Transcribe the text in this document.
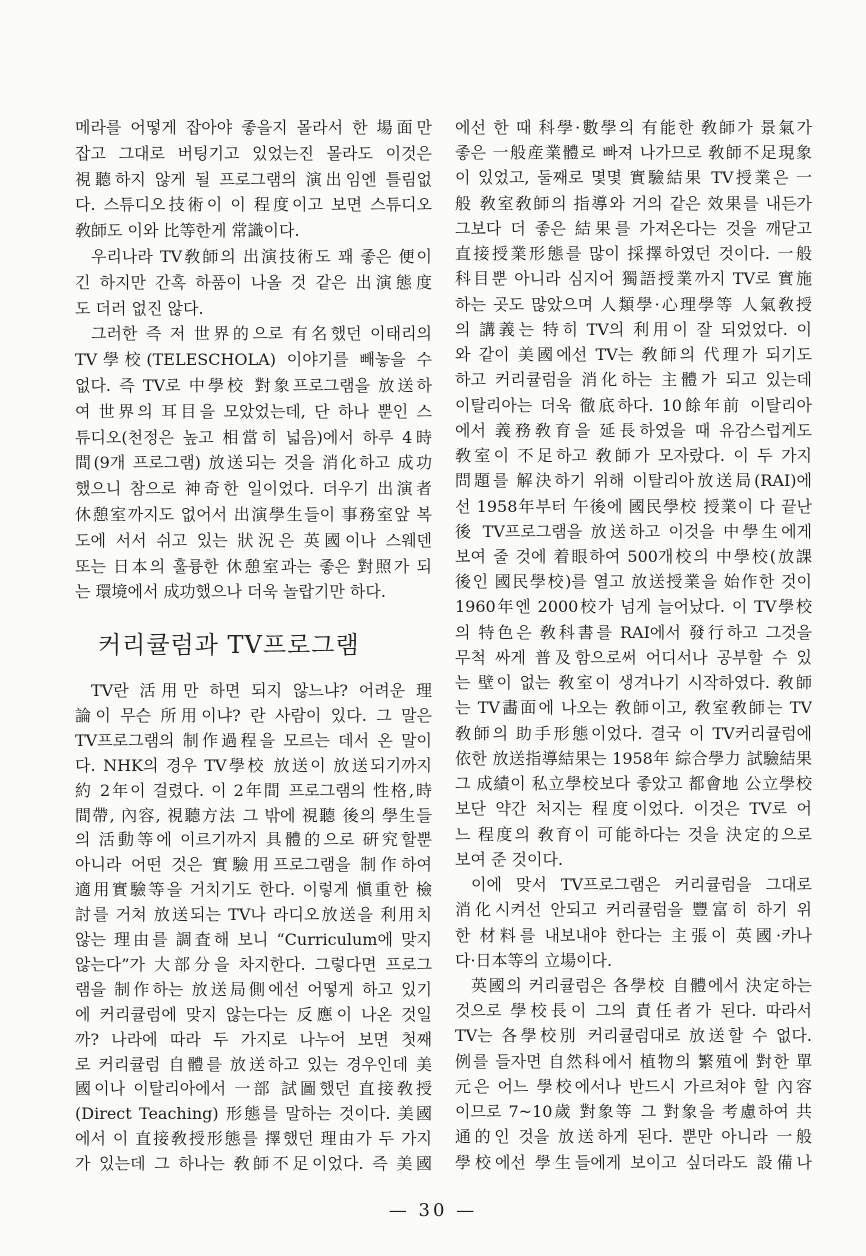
메라를 어떻게 잡아야 좋을지 몰라서 한 場面만
잡고 그대로 버팅기고 있었는진 몰라도 이것은
視聽하지 않게 될 프로그램의 演出임엔 틀림없
다. 스튜디오技術이 이 程度이고 보면 스튜디오
敎師도 이와 比等한게 常識이다.
우리나라 TV敎師의 出演技術도 꽤 좋은 便이
긴 하지만 간혹 하품이 나올 것 같은 出演態度
도 더러 없진 않다.
그러한 즉 저 世界的으로 有名했던 이태리의
TV學校(TELESCHOLA) 이야기를 빼놓을 수
없다. 즉 TV로 中學校 對象프로그램을 放送하
여 世界의 耳目을 모았었는데, 단 하나 뿐인 스
튜디오(천정은 높고 相當히 넓음)에서 하루 4時
間(9개 프로그램) 放送되는 것을 消化하고 成功
했으니 참으로 神奇한 일이었다. 더우기 出演者
休憩室까지도 없어서 出演學生들이 事務室앞 복
도에 서서 쉬고 있는 狀況은 英國이나 스웨덴
또는 日本의 훌륭한 休憩室과는 좋은 對照가 되
는 環境에서 成功했으나 더욱 놀랍기만 하다.
커리큘럼과 TV프로그램
TV란 活用만 하면 되지 않느냐? 어려운 理
論이 무슨 所用이냐? 란 사람이 있다. 그 말은
TV프로그램의 制作過程을 모르는 데서 온 말이
다. NHK의 경우 TV學校 放送이 放送되기까지
約 2年이 걸렸다. 이 2年間 프로그램의 性格,時
間帶, 內容, 視聽方法 그 밖에 視聽 後의 學生들
의 活動等에 이르기까지 具體的으로 硏究할뿐
아니라 어떤 것은 實驗用프로그램을 制作하여
適用實驗等을 거치기도 한다. 이렇게 愼重한 檢
討를 거쳐 放送되는 TV나 라디오放送을 利用치
않는 理由를 調査해 보니 “Curriculum에 맞지
않는다”가 大部分을 차지한다. 그렇다면 프로그
램을 制作하는 放送局側에선 어떻게 하고 있기
에 커리큘럼에 맞지 않는다는 反應이 나온 것일
까? 나라에 따라 두 가지로 나누어 보면 첫째
로 커리큘럼 自體를 放送하고 있는 경우인데 美
國이나 이탈리아에서 一部 試圖했던 直接敎授
(Direct Teaching) 形態를 말하는 것이다. 美國
에서 이 直接敎授形態를 擇했던 理由가 두 가지
가 있는데 그 하나는 敎師不足이었다. 즉 美國
에선 한 때 科學·數學의 有能한 敎師가 景氣가
좋은 一般産業體로 빠져 나가므로 敎師不足現象
이 있었고, 둘째로 몇몇 實驗結果 TV授業은 一
般 敎室敎師의 指導와 거의 같은 效果를 내든가
그보다 더 좋은 結果를 가져온다는 것을 깨닫고
直接授業形態를 많이 採擇하였던 것이다. 一般
科目뿐 아니라 심지어 獨語授業까지 TV로 實施
하는 곳도 많았으며 人類學·心理學等 人氣敎授
의 講義는 特히 TV의 利用이 잘 되었었다. 이
와 같이 美國에선 TV는 敎師의 代理가 되기도
하고 커리큘럼을 消化하는 主體가 되고 있는데
이탈리아는 더욱 徹底하다. 10餘年前 이탈리아
에서 義務敎育을 延長하였을 때 유감스럽게도
敎室이 不足하고 敎師가 모자랐다. 이 두 가지
問題를 解決하기 위해 이탈리아放送局(RAI)에
선 1958年부터 午後에 國民學校 授業이 다 끝난
後 TV프로그램을 放送하고 이것을 中學生에게
보여 줄 것에 着眼하여 500개校의 中學校(放課
後인 國民學校)를 열고 放送授業을 始作한 것이
1960年엔 2000校가 넘게 늘어났다. 이 TV學校
의 特色은 敎科書를 RAI에서 發行하고 그것을
무척 싸게 普及함으로써 어디서나 공부할 수 있
는 壁이 없는 敎室이 생겨나기 시작하였다. 敎師
는 TV畵面에 나오는 敎師이고, 敎室敎師는 TV
敎師의 助手形態이었다. 결국 이 TV커리큘럼에
依한 放送指導結果는 1958年 綜合學力 試驗結果
그 成績이 私立學校보다 좋았고 都會地 公立學校
보단 약간 처지는 程度이었다. 이것은 TV로 어
느 程度의 敎育이 可能하다는 것을 決定的으로
보여 준 것이다.
이에 맞서 TV프로그램은 커리큘럼을 그대로
消化시켜선 안되고 커리큘럼을 豐富히 하기 위
한 材料를 내보내야 한다는 主張이 英國·카나
다·日本等의 立場이다.
英國의 커리큘럼은 各學校 自體에서 決定하는
것으로 學校長이 그의 責任者가 된다. 따라서
TV는 各學校別 커리큘럼대로 放送할 수 없다.
例를 들자면 自然科에서 植物의 繁殖에 對한 單
元은 어느 學校에서나 반드시 가르쳐야 할 內容
이므로 7~10歲 對象等 그 對象을 考慮하여 共
通的인 것을 放送하게 된다. 뿐만 아니라 一般
學校에선 學生들에게 보이고 싶더라도 設備나
— 30 —
